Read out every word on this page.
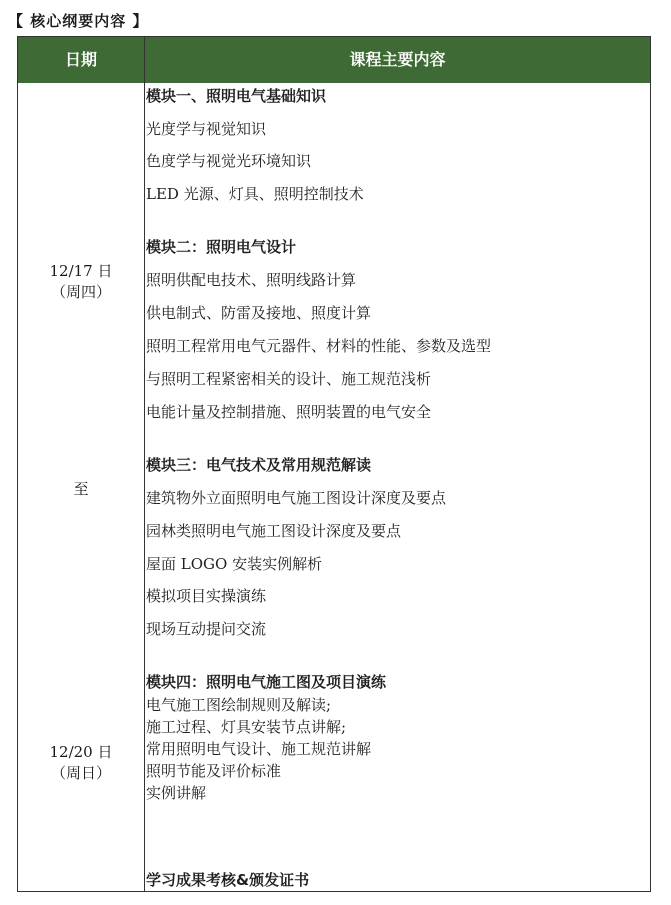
【 核心纲要内容 】
日期	课程主要内容
12/17 日
（周四）
至
12/20 日
（周日）
模块一、照明电气基础知识
光度学与视觉知识
色度学与视觉光环境知识
LED 光源、灯具、照明控制技术
模块二：照明电气设计
照明供配电技术、照明线路计算
供电制式、防雷及接地、照度计算
照明工程常用电气元器件、材料的性能、参数及选型
与照明工程紧密相关的设计、施工规范浅析
电能计量及控制措施、照明装置的电气安全
模块三：电气技术及常用规范解读
建筑物外立面照明电气施工图设计深度及要点
园林类照明电气施工图设计深度及要点
屋面 LOGO 安装实例解析
模拟项目实操演练
现场互动提问交流
模块四：照明电气施工图及项目演练
电气施工图绘制规则及解读;
施工过程、灯具安装节点讲解;
常用照明电气设计、施工规范讲解
照明节能及评价标准
实例讲解
学习成果考核&颁发证书
